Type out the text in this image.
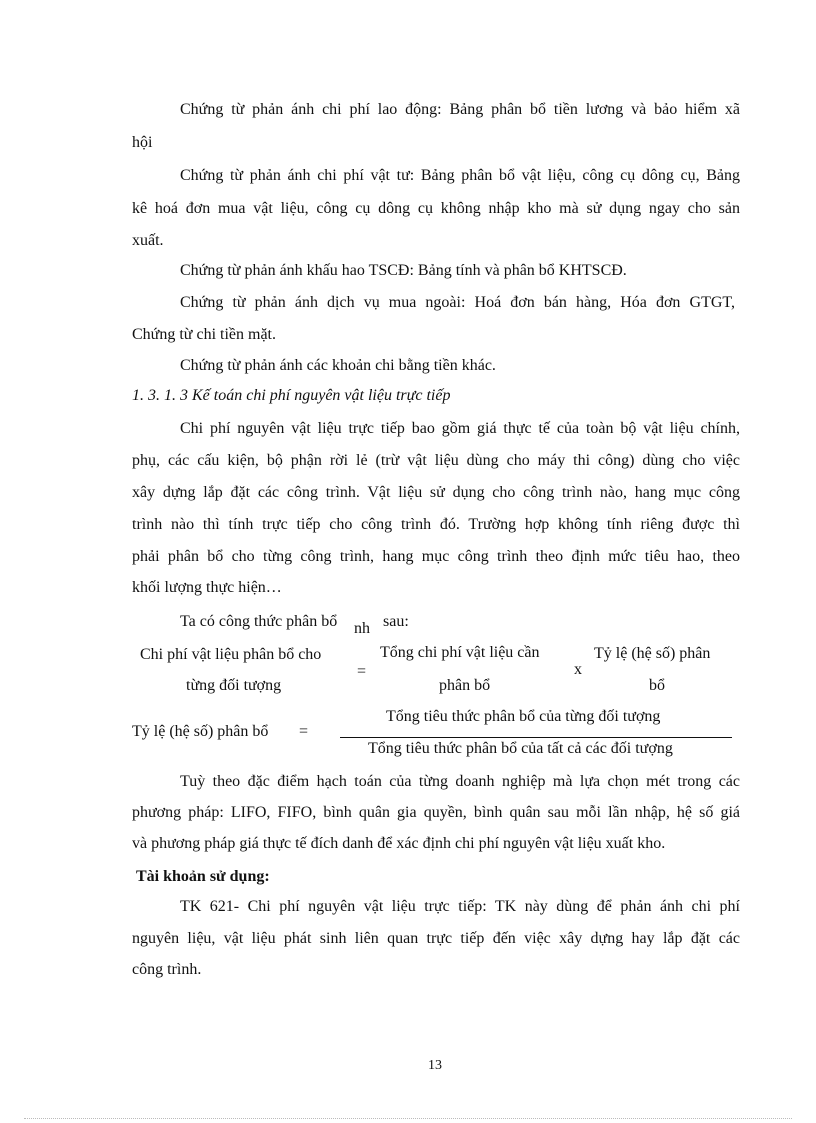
Chứng từ phản ánh chi phí lao động: Bảng phân bổ tiền lương và bảo hiểm xã
hội
Chứng từ phản ánh chi phí vật tư: Bảng phân bổ vật liệu, công cụ dông cụ, Bảng
kê hoá đơn mua vật liệu, công cụ dông cụ không nhập kho mà sử dụng ngay cho sản
xuất.
Chứng từ phản ánh khấu hao TSCĐ: Bảng tính và phân bổ KHTSCĐ.
Chứng từ phản ánh dịch vụ mua ngoài: Hoá đơn bán hàng, Hóa đơn GTGT,
Chứng từ chi tiền mặt.
Chứng từ phản ánh các khoản chi bằng tiền khác.
1. 3. 1. 3 Kế toán chi phí nguyên vật liệu trực tiếp
Chi phí nguyên vật liệu trực tiếp bao gồm giá thực tế của toàn bộ vật liệu chính,
phụ, các cấu kiện, bộ phận rời lẻ (trừ vật liệu dùng cho máy thi công) dùng cho việc
xây dựng lắp đặt các công trình. Vật liệu sử dụng cho công trình nào, hang mục công
trình nào thì tính trực tiếp cho công trình đó. Trường hợp không tính riêng được thì
phải phân bổ cho từng công trình, hang mục công trình theo định mức tiêu hao, theo
khối lượng thực hiện…
Ta có công thức phân bổ nh sau:
Chi phí vật liệu phân bổ cho
từng đối tượng
=
Tổng chi phí vật liệu cần
phân bổ
x
Tỷ lệ (hệ số) phân
bổ
Tỷ lệ (hệ số) phân bổ =
Tổng tiêu thức phân bổ của từng đối tượng
Tổng tiêu thức phân bổ của tất cả các đối tượng
Tuỳ theo đặc điểm hạch toán của từng doanh nghiệp mà lựa chọn mét trong các
phương pháp: LIFO, FIFO, bình quân gia quyền, bình quân sau mỗi lần nhập, hệ số giá
và phương pháp giá thực tế đích danh để xác định chi phí nguyên vật liệu xuất kho.
Tài khoản sử dụng:
TK 621- Chi phí nguyên vật liệu trực tiếp: TK này dùng để phản ánh chi phí
nguyên liệu, vật liệu phát sinh liên quan trực tiếp đến việc xây dựng hay lắp đặt các
công trình.
13
